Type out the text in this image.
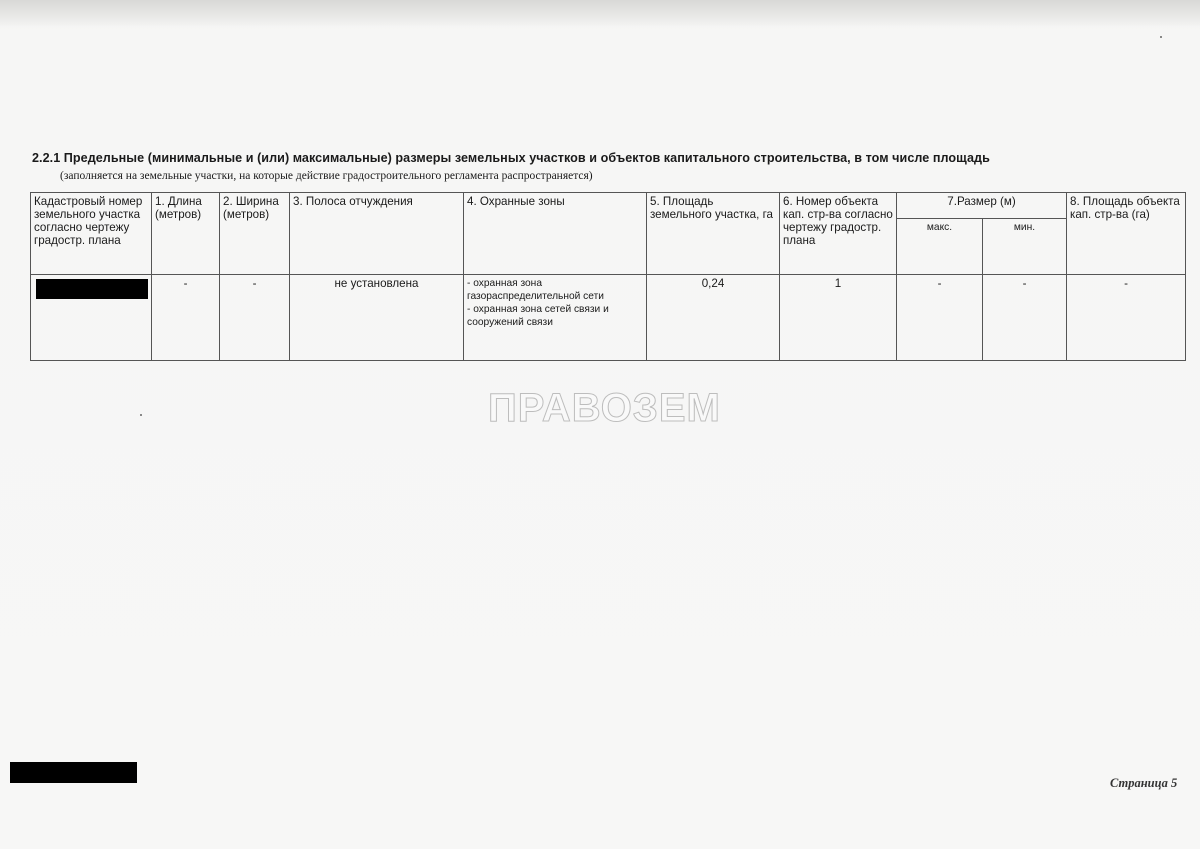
2.2.1 Предельные (минимальные и (или) максимальные) размеры земельных участков и объектов капитального строительства, в том числе площадь
(заполняется на земельные участки, на которые действие градостроительного регламента распространяется)
Кадастровый номер земельного участка согласно чертежу градостр. плана	1. Длина (метров)	2. Ширина (метров)	3. Полоса отчуждения	4. Охранные зоны	5. Площадь земельного участка, га	6. Номер объекта кап. стр-ва согласно чертежу градостр. плана	7.Размер (м)		8. Площадь объекта кап. стр-ва (га)
							макс.	мин.	
	-	-	не установлена	- охранная зона газораспределительной сети
- охранная зона сетей связи и сооружений связи	0,24	1	-	-	-
ПРАВОЗЕМ
Страница 5
